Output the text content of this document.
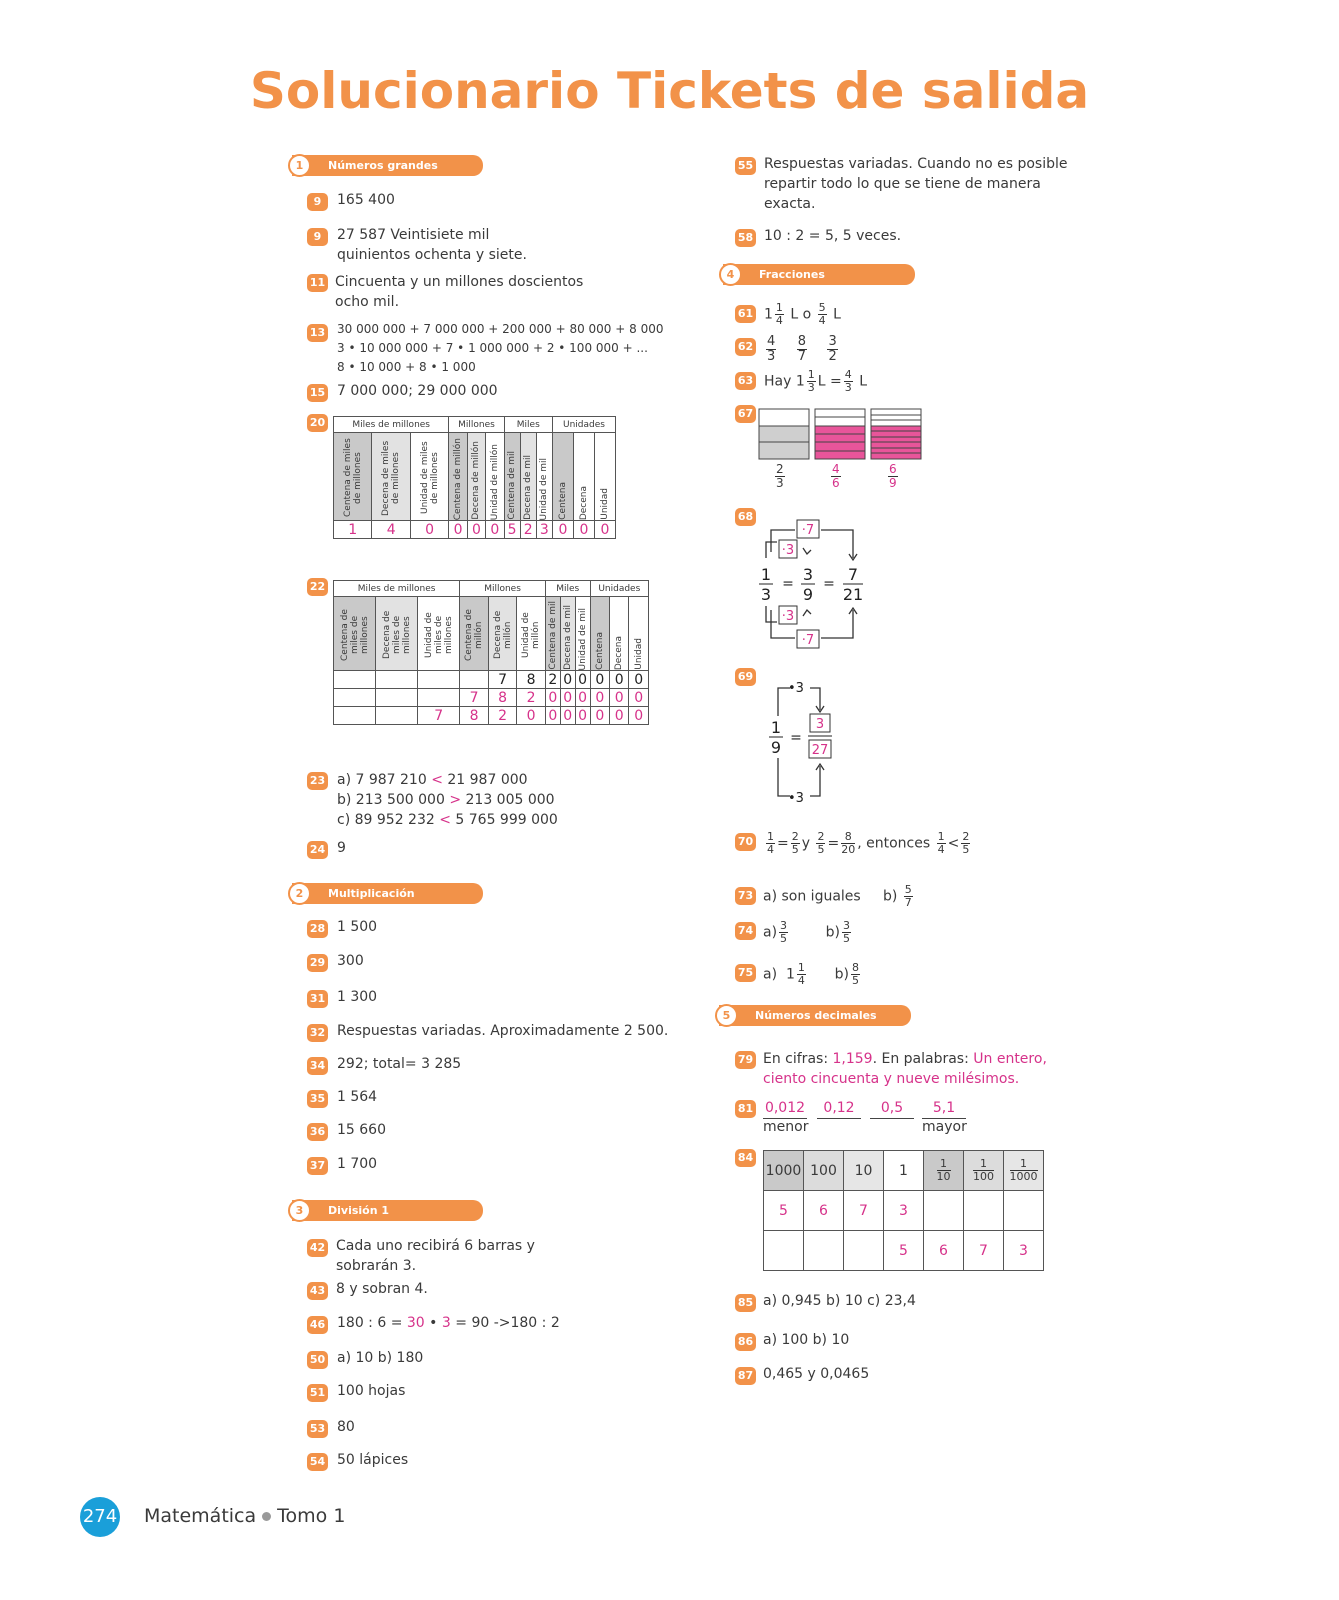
Solucionario Tickets de salida
1	Números grandes
9	165 400
9	27 587 Veintisiete mil
quinientos ochenta y siete.
11 Cincuenta y un millones doscientos
ocho mil.
13 30 000 000 + 7 000 000 + 200 000 + 80 000 + 8 000
3 • 10 000 000 + 7 • 1 000 000 + 2 • 100 000 + ...
8 • 10 000 + 8 • 1 000
15 7 000 000; 29 000 000
20	Miles de millones			Millones			Miles			Unidades		

Centena de miles de millones	Decena de miles de millones	Unidad de miles de millones	Centena de millón	Decena de millón	Unidad de millón	Centena de mil	Decena de mil	Unidad de mil	Centena	Decena	Unidad

1	4	0	0	0	0	5	2	3	0	0	0
22	Miles de millones			Millones			Miles			Unidades		

Centena de miles de millones	Decena de miles de millones	Unidad de miles de millones	Centena de millón	Decena de millón	Unidad de millón	Centena de mil	Decena de mil	Unidad de mil	Centena	Decena	Unidad

				7	8	2	0	0	0	0	0
			7	8	2	0	0	0	0	0	0
		7	8	2	0	0	0	0	0	0	0
23 a) 7 987 210 < 21 987 000
b) 213 500 000 > 213 005 000
c) 89 952 232 < 5 765 999 000
24 9
2	Multiplicación
28 1 500
29 300
31 1 300
32 Respuestas variadas. Aproximadamente 2 500.
34 292; total= 3 285
35 1 564
36 15 660
37 1 700
3	División 1
42 Cada uno recibirá 6 barras y
sobrarán 3.
43 8 y sobran 4.
46 180 : 6 = 30 • 3 = 90 ->180 : 2
50 a) 10 b) 180
51 100 hojas
53 80
54 50 lápices
55 Respuestas variadas. Cuando no es posible
repartir todo lo que se tiene de manera
exacta.
58 10 : 2 = 5, 5 veces.
4	Fracciones
61 $1 \frac{1}{4}$ L o $\frac{5}{4}$ L
$62 \frac{4}{3}$
$\frac{8}{7}$
$\frac{3}{2}$
63 Hay $1 \frac{1}{3}$ $L = \frac{4}{3}$ L
67
$\frac{2}{3}$	$\frac{4}{6}$	$\frac{6}{9}$
68
·7
·3
1
3
= 3
9
= 7
21
·3
·7
69
•3
1
9 =
3
27
•3
$70 \frac{1}{4} = \frac{2}{5}$ y $\frac{2}{5} = \frac{8}{20}$ , entonces $\frac{1}{4} < \frac{2}{5}$
73 a) son iguales $b) \frac{5}{7}$
74 $a) \frac{3}{5}$	$b) \frac{3}{5}$
75 a) $1 \frac{1}{4} b) \frac{8}{5}$
5	Números decimales
79 En cifras: 1,159. En palabras: Un entero,
ciento cincuenta y nueve milésimos.
81 0,012	0,12	0,5	5,1
menor	mayor
84
1000	100	10	1	$\frac{1}{10}$	$\frac{1}{100}$	$\frac{1}{1000}$

5	6	7	3			
			5	6	7	3
85 a) 0,945 b) 10 c) 23,4
86 a) 100 b) 10
87 0,465 y 0,0465
274 Matemática Tomo 1
